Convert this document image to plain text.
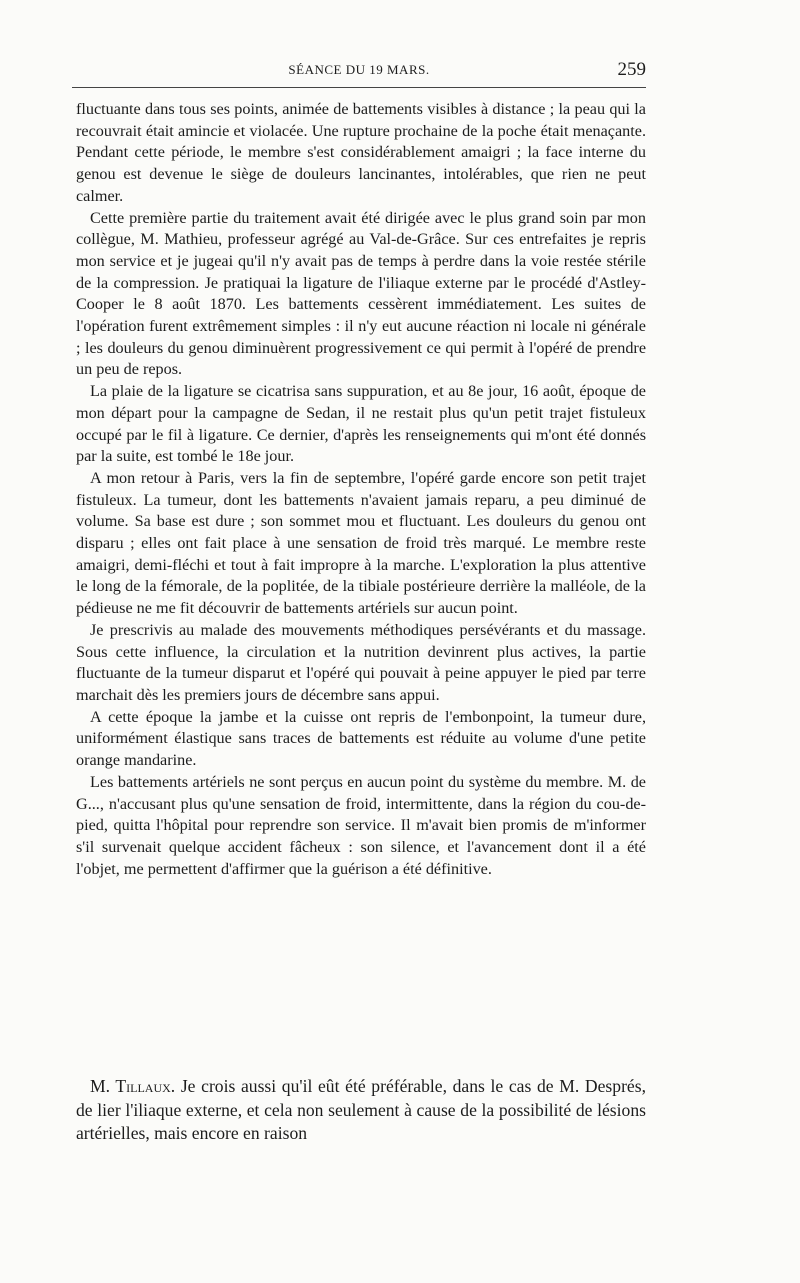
SÉANCE DU 19 MARS.	259

fluctuante dans tous ses points, animée de battements visibles à distance ; la peau qui la recouvrait était amincie et violacée. Une rupture prochaine de la poche était menaçante. Pendant cette période, le membre s'est considérablement amaigri ; la face interne du genou est devenue le siège de douleurs lancinantes, intolérables, que rien ne peut calmer.

Cette première partie du traitement avait été dirigée avec le plus grand soin par mon collègue, M. Mathieu, professeur agrégé au Val-de-Grâce. Sur ces entrefaites je repris mon service et je jugeai qu'il n'y avait pas de temps à perdre dans la voie restée stérile de la compression. Je pratiquai la ligature de l'iliaque externe par le procédé d'Astley-Cooper le 8 août 1870. Les battements cessèrent immédiatement. Les suites de l'opération furent extrêmement simples : il n'y eut aucune réaction ni locale ni générale ; les douleurs du genou diminuèrent progressivement ce qui permit à l'opéré de prendre un peu de repos.

La plaie de la ligature se cicatrisa sans suppuration, et au 8e jour, 16 août, époque de mon départ pour la campagne de Sedan, il ne restait plus qu'un petit trajet fistuleux occupé par le fil à ligature. Ce dernier, d'après les renseignements qui m'ont été donnés par la suite, est tombé le 18e jour.

A mon retour à Paris, vers la fin de septembre, l'opéré garde encore son petit trajet fistuleux. La tumeur, dont les battements n'avaient jamais reparu, a peu diminué de volume. Sa base est dure ; son sommet mou et fluctuant. Les douleurs du genou ont disparu ; elles ont fait place à une sensation de froid très marqué. Le membre reste amaigri, demi-fléchi et tout à fait impropre à la marche. L'exploration la plus attentive le long de la fémorale, de la poplitée, de la tibiale postérieure derrière la malléole, de la pédieuse ne me fit découvrir de battements artériels sur aucun point.

Je prescrivis au malade des mouvements méthodiques persévérants et du massage. Sous cette influence, la circulation et la nutrition devinrent plus actives, la partie fluctuante de la tumeur disparut et l'opéré qui pouvait à peine appuyer le pied par terre marchait dès les premiers jours de décembre sans appui.

A cette époque la jambe et la cuisse ont repris de l'embonpoint, la tumeur dure, uniformément élastique sans traces de battements est réduite au volume d'une petite orange mandarine.

Les battements artériels ne sont perçus en aucun point du système du membre. M. de G..., n'accusant plus qu'une sensation de froid, intermittente, dans la région du cou-de-pied, quitta l'hôpital pour reprendre son service. Il m'avait bien promis de m'informer s'il survenait quelque accident fâcheux : son silence, et l'avancement dont il a été l'objet, me permettent d'affirmer que la guérison a été définitive.

M. Tillaux. Je crois aussi qu'il eût été préférable, dans le cas de M. Després, de lier l'iliaque externe, et cela non seulement à cause de la possibilité de lésions artérielles, mais encore en raison
